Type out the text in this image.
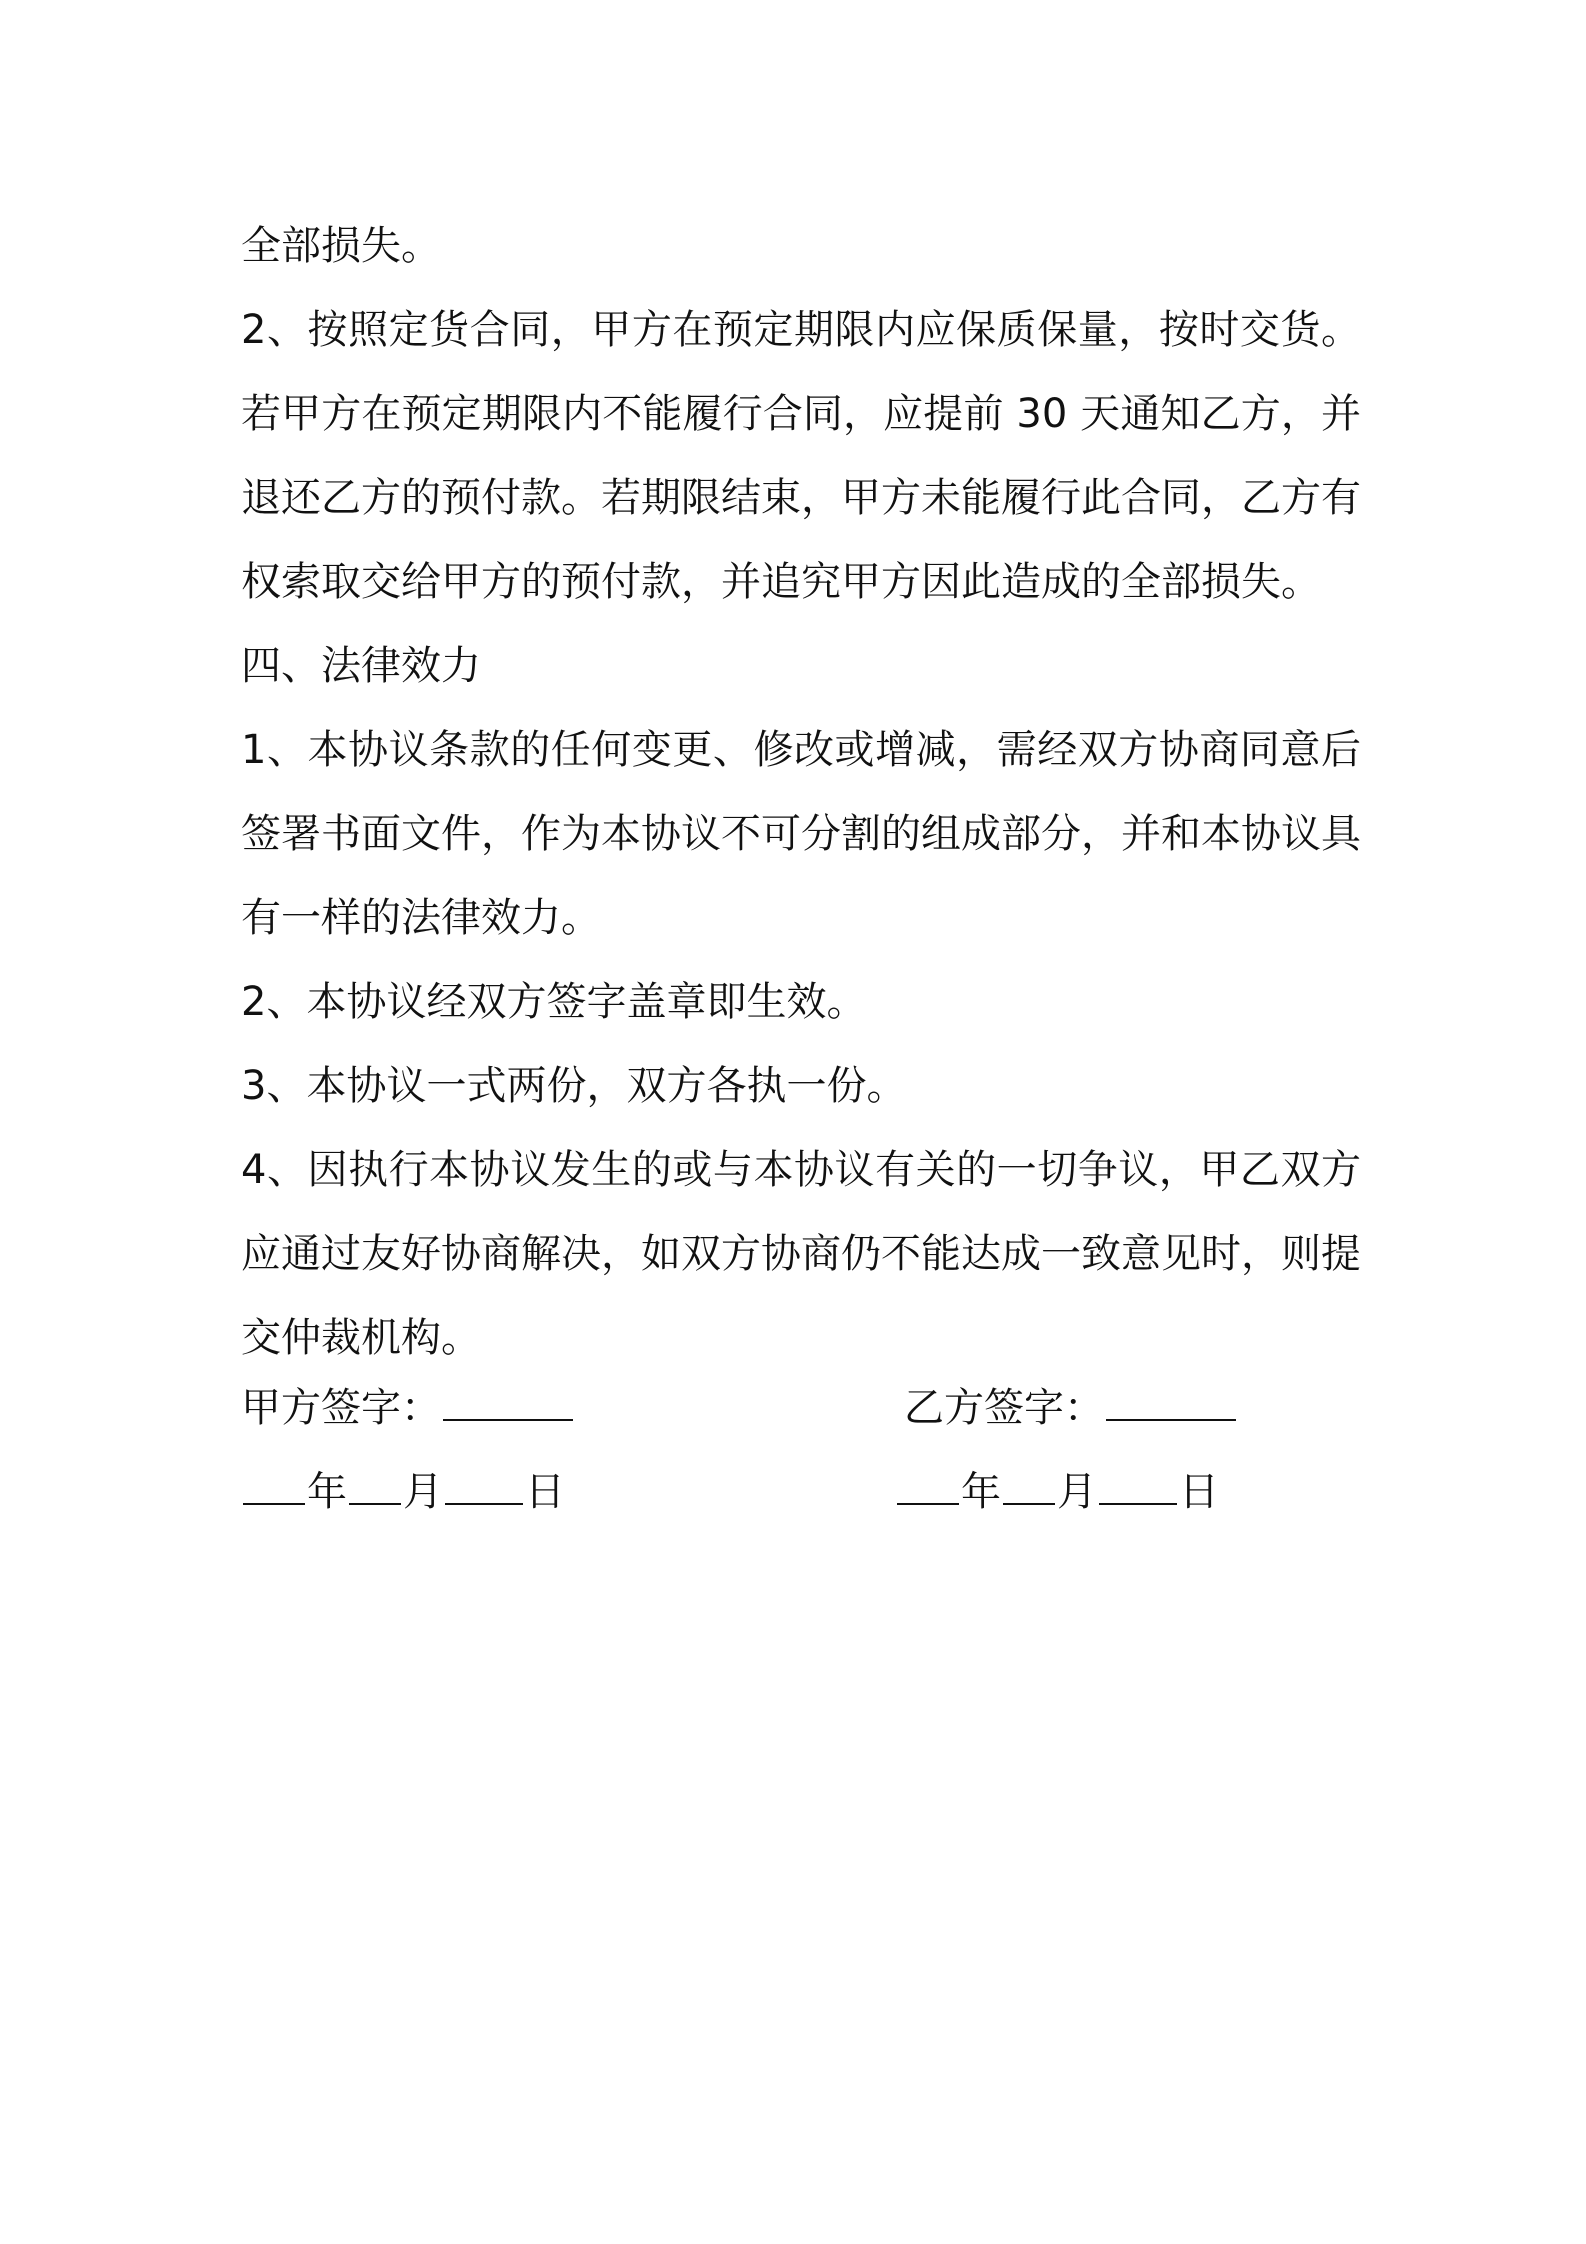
全部损失。

2、按照定货合同，甲方在预定期限内应保质保量，按时交货。若甲方在预定期限内不能履行合同，应提前 30 天通知乙方，并退还乙方的预付款。若期限结束，甲方未能履行此合同，乙方有权索取交给甲方的预付款，并追究甲方因此造成的全部损失。

四、法律效力

1、本协议条款的任何变更、修改或增减，需经双方协商同意后签署书面文件，作为本协议不可分割的组成部分，并和本协议具有一样的法律效力。

2、本协议经双方签字盖章即生效。

3、本协议一式两份，双方各执一份。

4、因执行本协议发生的或与本协议有关的一切争议，甲乙双方应通过友好协商解决，如双方协商仍不能达成一致意见时，则提交仲裁机构。

甲方签字：	乙方签字：
年 月 日	年 月 日
